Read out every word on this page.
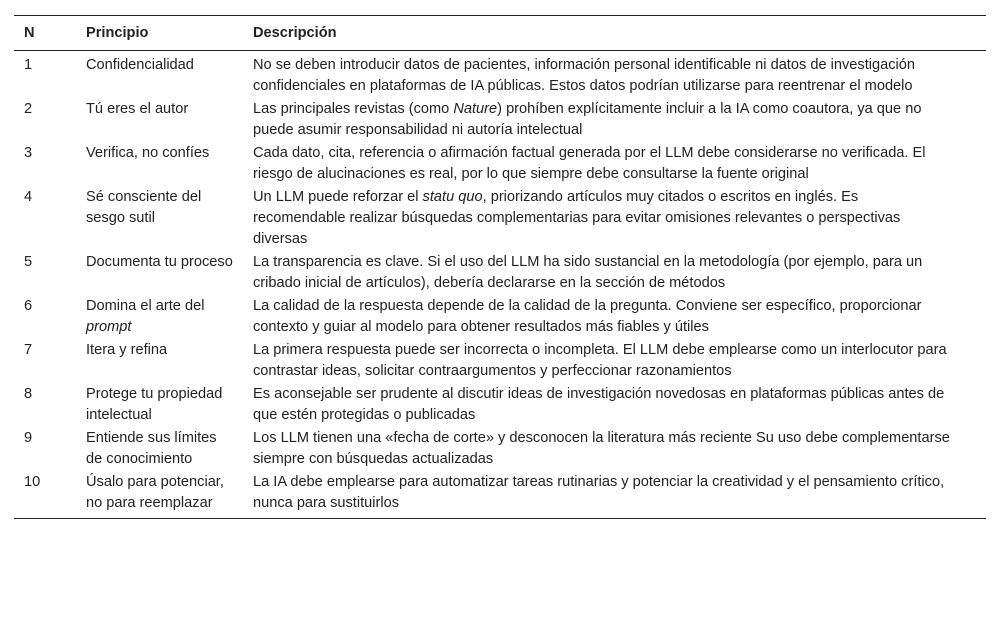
N	Principio	Descripción
1	Confidencialidad	No se deben introducir datos de pacientes, información personal identificable ni datos de investigación confidenciales en plataformas de IA públicas. Estos datos podrían utilizarse para reentrenar el modelo
2	Tú eres el autor	Las principales revistas (como Nature) prohíben explícitamente incluir a la IA como coautora, ya que no puede asumir responsabilidad ni autoría intelectual
3	Verifica, no confíes	Cada dato, cita, referencia o afirmación factual generada por el LLM debe considerarse no verificada. El riesgo de alucinaciones es real, por lo que siempre debe consultarse la fuente original
4	Sé consciente del sesgo sutil	Un LLM puede reforzar el statu quo, priorizando artículos muy citados o escritos en inglés. Es recomendable realizar búsquedas complementarias para evitar omisiones relevantes o perspectivas diversas
5	Documenta tu proceso	La transparencia es clave. Si el uso del LLM ha sido sustancial en la metodología (por ejemplo, para un cribado inicial de artículos), debería declararse en la sección de métodos
6	Domina el arte del prompt	La calidad de la respuesta depende de la calidad de la pregunta. Conviene ser específico, proporcionar contexto y guiar al modelo para obtener resultados más fiables y útiles
7	Itera y refina	La primera respuesta puede ser incorrecta o incompleta. El LLM debe emplearse como un interlocutor para contrastar ideas, solicitar contraargumentos y perfeccionar razonamientos
8	Protege tu propiedad intelectual	Es aconsejable ser prudente al discutir ideas de investigación novedosas en plataformas públicas antes de que estén protegidas o publicadas
9	Entiende sus límites de conocimiento	Los LLM tienen una «fecha de corte» y desconocen la literatura más reciente Su uso debe complementarse siempre con búsquedas actualizadas
10	Úsalo para potenciar, no para reemplazar	La IA debe emplearse para automatizar tareas rutinarias y potenciar la creatividad y el pensamiento crítico, nunca para sustituirlos
